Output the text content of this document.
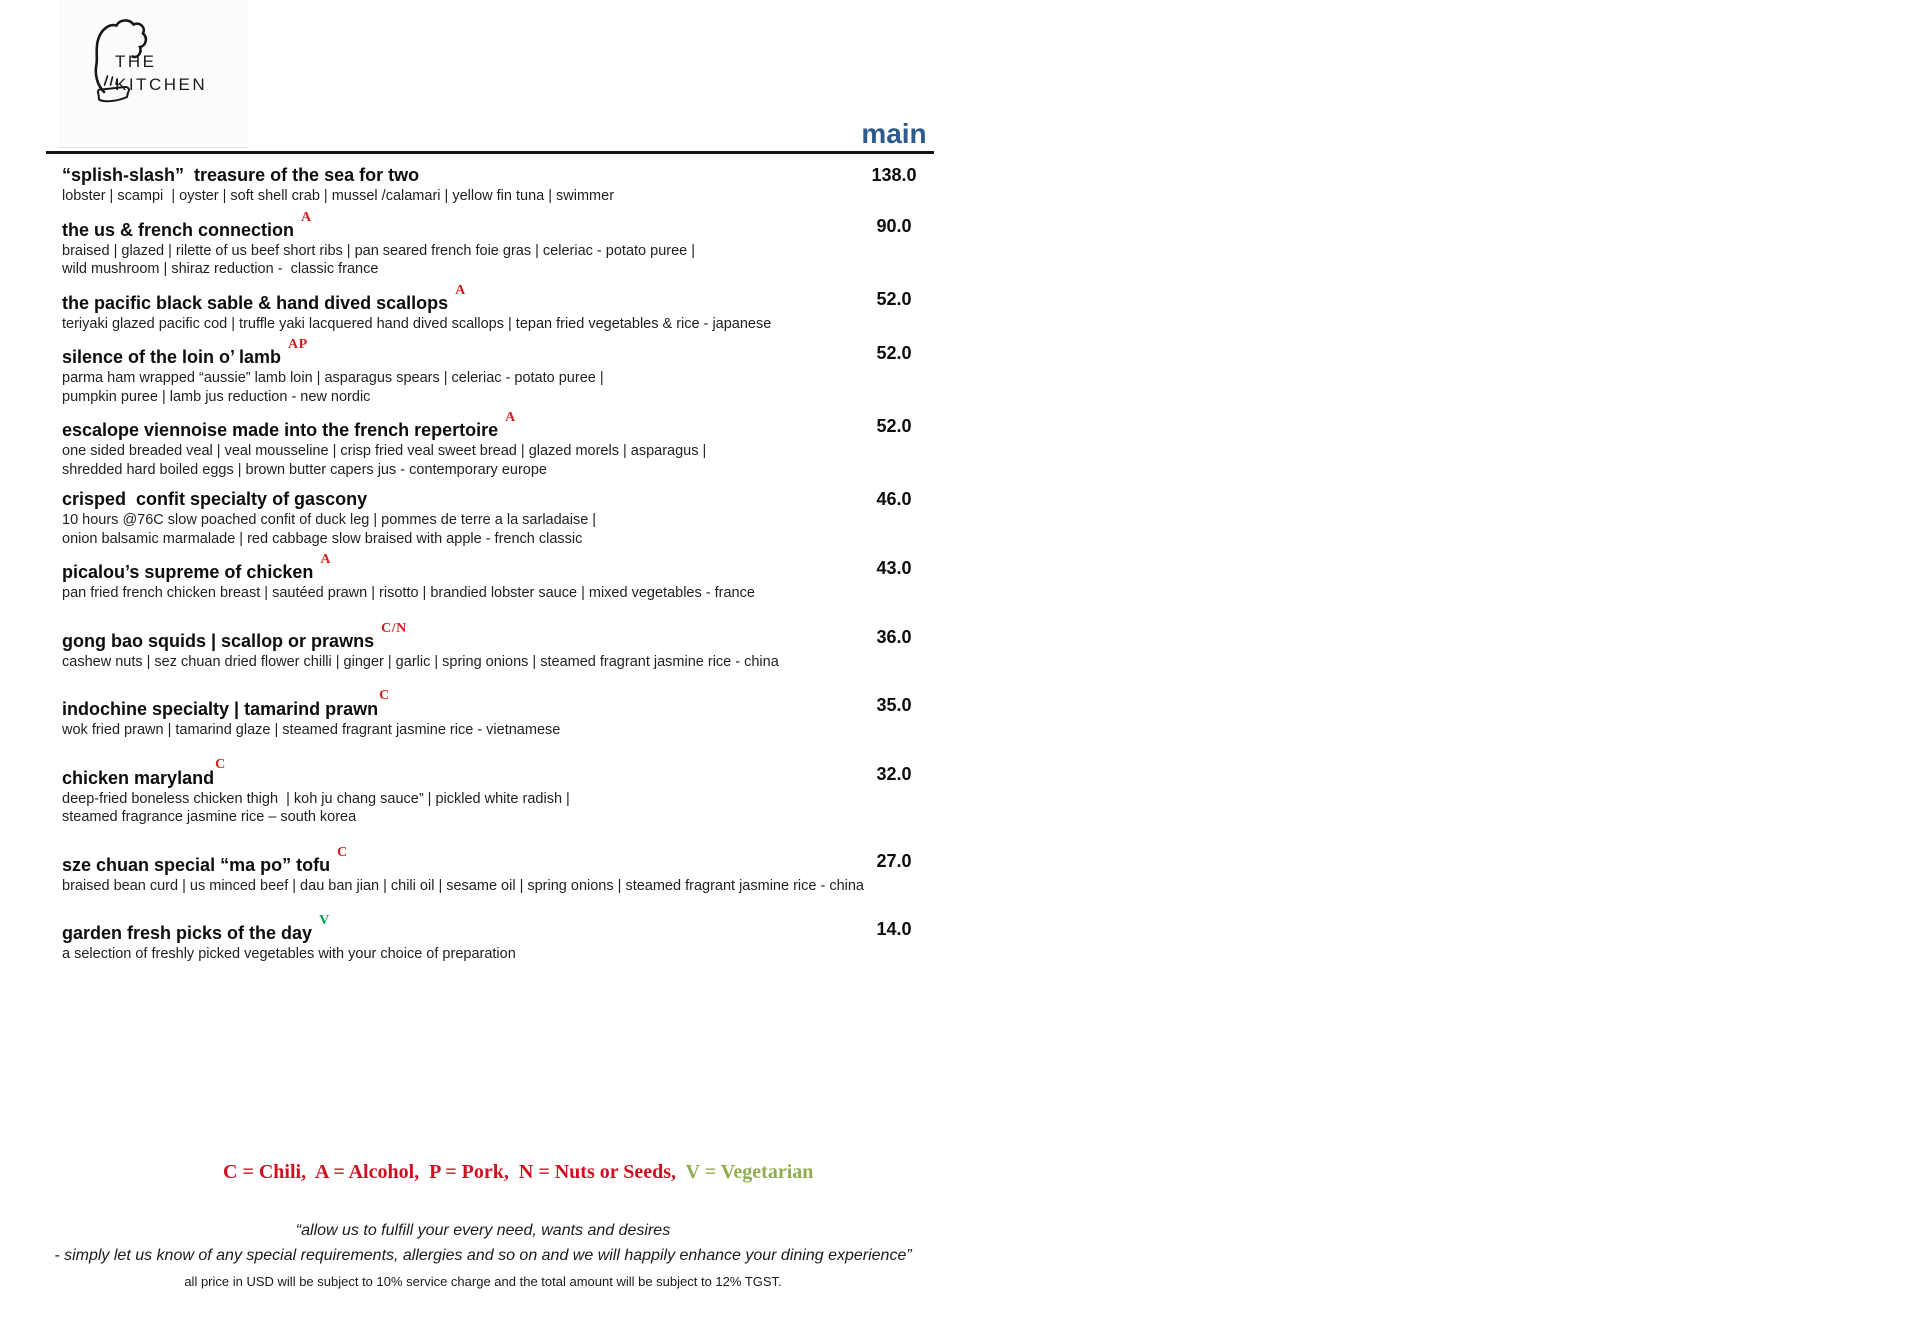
THE
KITCHEN
main
“splish-slash”  treasure of the sea for two
lobster | scampi  | oyster | soft shell crab | mussel /calamari | yellow fin tuna | swimmer
138.0
the us & french connection$^A$
braised | glazed | rilette of us beef short ribs | pan seared french foie gras | celeriac - potato puree |
wild mushroom | shiraz reduction -  classic france
90.0
the pacific black sable & hand dived scallops$^A$
teriyaki glazed pacific cod | truffle yaki lacquered hand dived scallops | tepan fried vegetables & rice - japanese
52.0
silence of the loin o’ lamb$^{AP}$
parma ham wrapped “aussie” lamb loin | asparagus spears | celeriac - potato puree |
pumpkin puree | lamb jus reduction - new nordic
52.0
escalope viennoise made into the french repertoire$^A$
one sided breaded veal | veal mousseline | crisp fried veal sweet bread | glazed morels | asparagus |
shredded hard boiled eggs | brown butter capers jus - contemporary europe
52.0
crisped  confit specialty of gascony
10 hours @76C slow poached confit of duck leg | pommes de terre a la sarladaise |
onion balsamic marmalade | red cabbage slow braised with apple - french classic
46.0
picalou’s supreme of chicken$^A$
pan fried french chicken breast | sautéed prawn | risotto | brandied lobster sauce | mixed vegetables - france
43.0
gong bao squids | scallop or prawns$^{C/N}$
cashew nuts | sez chuan dried flower chilli | ginger | garlic | spring onions | steamed fragrant jasmine rice - china
36.0
indochine specialty | tamarind prawn$^C$
wok fried prawn | tamarind glaze | steamed fragrant jasmine rice - vietnamese
35.0
chicken maryland$^C$
deep-fried boneless chicken thigh  | koh ju chang sauce” | pickled white radish |
steamed fragrance jasmine rice – south korea
32.0
sze chuan special “ma po” tofu$^C$
braised bean curd | us minced beef | dau ban jian | chili oil | sesame oil | spring onions | steamed fragrant jasmine rice - china
27.0
garden fresh picks of the day$^V$
a selection of freshly picked vegetables with your choice of preparation
14.0

C = Chili,  A = Alcohol,  P = Pork,  N = Nuts or Seeds,  V = Vegetarian

“allow us to fulfill your every need, wants and desires
- simply let us know of any special requirements, allergies and so on and we will happily enhance your dining experience”
all price in USD will be subject to 10% service charge and the total amount will be subject to 12% TGST.
